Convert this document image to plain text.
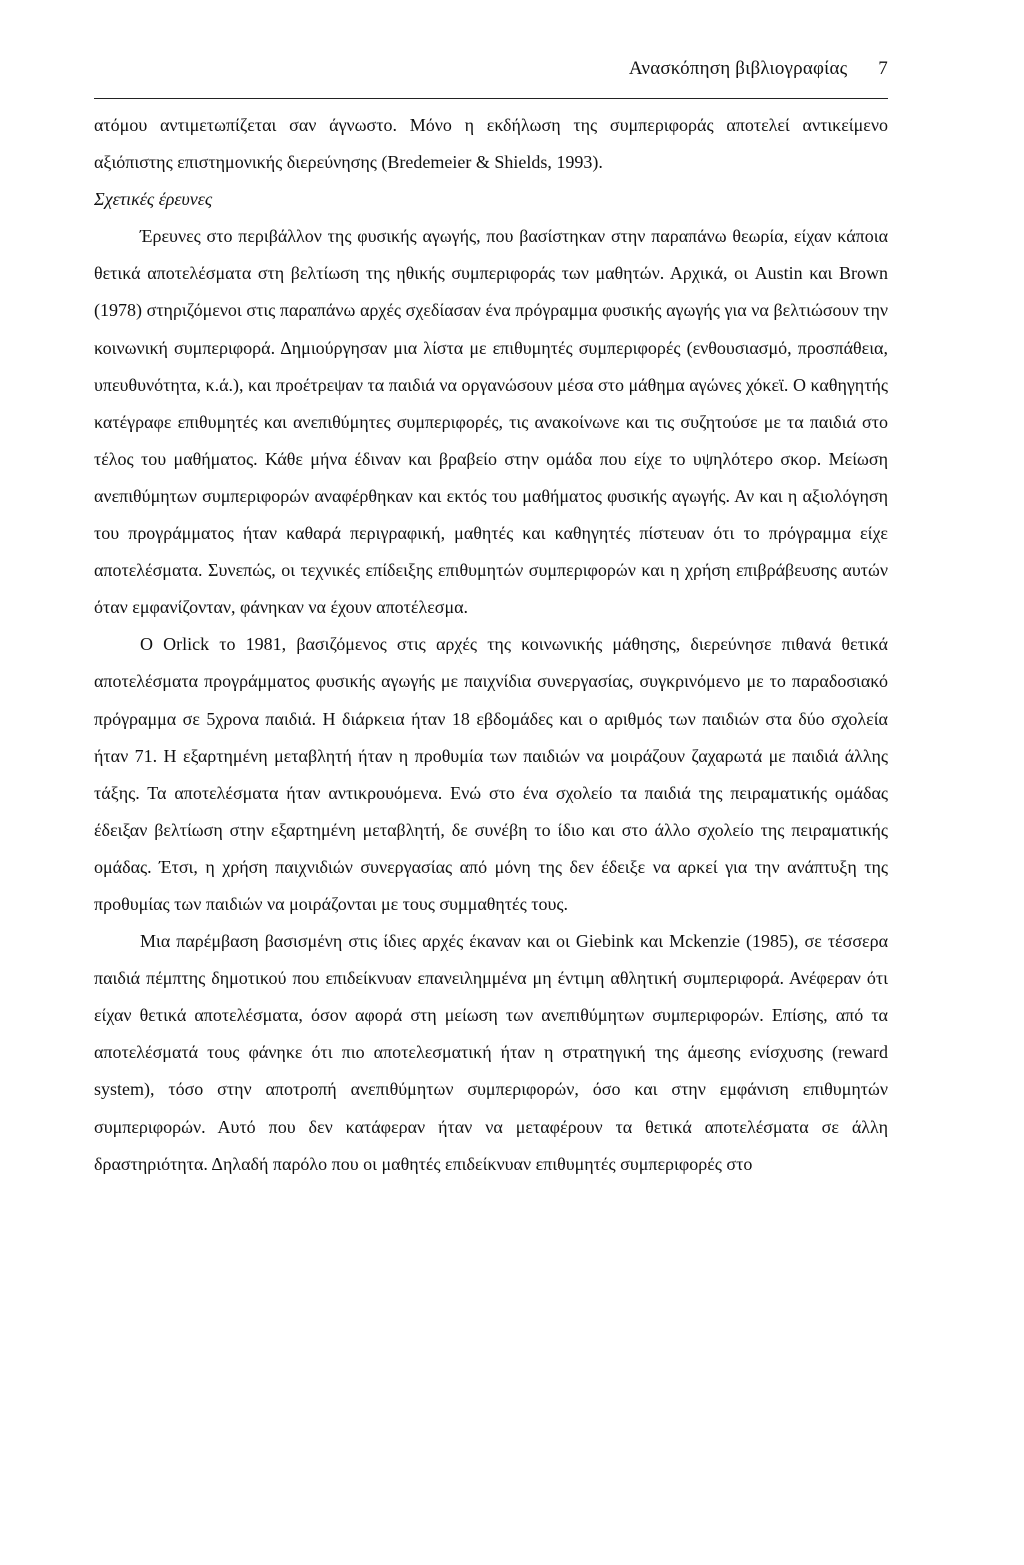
Ανασκόπηση βιβλιογραφίας 7

ατόμου αντιμετωπίζεται σαν άγνωστο. Μόνο η εκδήλωση της συμπεριφοράς αποτελεί αντικείμενο αξιόπιστης επιστημονικής διερεύνησης (Bredemeier & Shields, 1993).

Σχετικές έρευνες

Έρευνες στο περιβάλλον της φυσικής αγωγής, που βασίστηκαν στην παραπάνω θεωρία, είχαν κάποια θετικά αποτελέσματα στη βελτίωση της ηθικής συμπεριφοράς των μαθητών. Αρχικά, οι Austin και Brown (1978) στηριζόμενοι στις παραπάνω αρχές σχεδίασαν ένα πρόγραμμα φυσικής αγωγής για να βελτιώσουν την κοινωνική συμπεριφορά. Δημιούργησαν μια λίστα με επιθυμητές συμπεριφορές (ενθουσιασμό, προσπάθεια, υπευθυνότητα, κ.ά.), και προέτρεψαν τα παιδιά να οργανώσουν μέσα στο μάθημα αγώνες χόκεϊ. Ο καθηγητής κατέγραφε επιθυμητές και ανεπιθύμητες συμπεριφορές, τις ανακοίνωνε και τις συζητούσε με τα παιδιά στο τέλος του μαθήματος. Κάθε μήνα έδιναν και βραβείο στην ομάδα που είχε το υψηλότερο σκορ. Μείωση ανεπιθύμητων συμπεριφορών αναφέρθηκαν και εκτός του μαθήματος φυσικής αγωγής. Αν και η αξιολόγηση του προγράμματος ήταν καθαρά περιγραφική, μαθητές και καθηγητές πίστευαν ότι το πρόγραμμα είχε αποτελέσματα. Συνεπώς, οι τεχνικές επίδειξης επιθυμητών συμπεριφορών και η χρήση επιβράβευσης αυτών όταν εμφανίζονταν, φάνηκαν να έχουν αποτέλεσμα.

Ο Orlick το 1981, βασιζόμενος στις αρχές της κοινωνικής μάθησης, διερεύνησε πιθανά θετικά αποτελέσματα προγράμματος φυσικής αγωγής με παιχνίδια συνεργασίας, συγκρινόμενο με το παραδοσιακό πρόγραμμα σε 5χρονα παιδιά. Η διάρκεια ήταν 18 εβδομάδες και ο αριθμός των παιδιών στα δύο σχολεία ήταν 71. Η εξαρτημένη μεταβλητή ήταν η προθυμία των παιδιών να μοιράζουν ζαχαρωτά με παιδιά άλλης τάξης. Τα αποτελέσματα ήταν αντικρουόμενα. Ενώ στο ένα σχολείο τα παιδιά της πειραματικής ομάδας έδειξαν βελτίωση στην εξαρτημένη μεταβλητή, δε συνέβη το ίδιο και στο άλλο σχολείο της πειραματικής ομάδας. Έτσι, η χρήση παιχνιδιών συνεργασίας από μόνη της δεν έδειξε να αρκεί για την ανάπτυξη της προθυμίας των παιδιών να μοιράζονται με τους συμμαθητές τους.

Μια παρέμβαση βασισμένη στις ίδιες αρχές έκαναν και οι Giebink και Mckenzie (1985), σε τέσσερα παιδιά πέμπτης δημοτικού που επιδείκνυαν επανειλημμένα μη έντιμη αθλητική συμπεριφορά. Ανέφεραν ότι είχαν θετικά αποτελέσματα, όσον αφορά στη μείωση των ανεπιθύμητων συμπεριφορών. Επίσης, από τα αποτελέσματά τους φάνηκε ότι πιο αποτελεσματική ήταν η στρατηγική της άμεσης ενίσχυσης (reward system), τόσο στην αποτροπή ανεπιθύμητων συμπεριφορών, όσο και στην εμφάνιση επιθυμητών συμπεριφορών. Αυτό που δεν κατάφεραν ήταν να μεταφέρουν τα θετικά αποτελέσματα σε άλλη δραστηριότητα. Δηλαδή παρόλο που οι μαθητές επιδείκνυαν επιθυμητές συμπεριφορές στο
